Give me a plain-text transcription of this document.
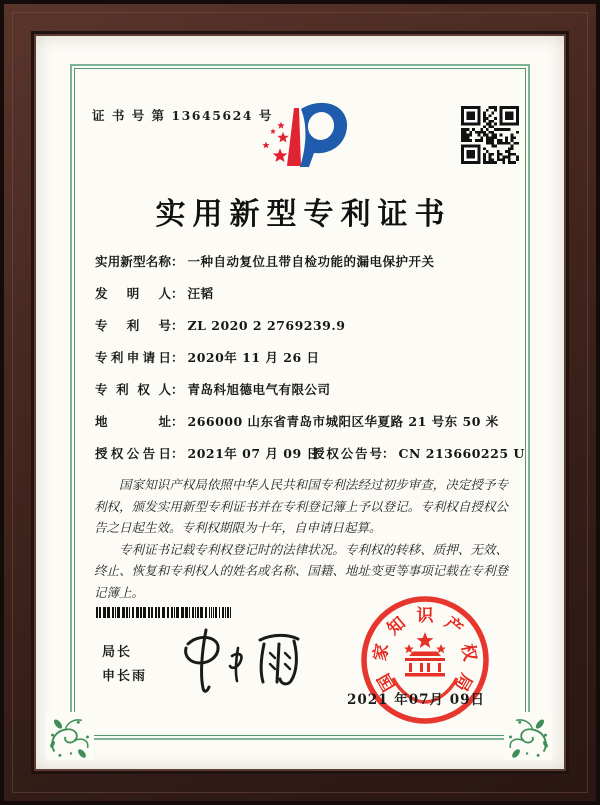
证 书 号 第 13645624 号
实用新型专利证书
实用新型名称： 一种自动复位且带自检功能的漏电保护开关
发明人： 汪韬
专利号： ZL 2020 2 2769239.9
专利申请日： 2020年 11 月 26 日
专利权人： 青岛科旭德电气有限公司
地址： 266000 山东省青岛市城阳区华夏路 21 号东 50 米
授权公告日： 2021年 07 月 09 日
授权公告号： CN 213660225 U

国家知识产权局依照中华人民共和国专利法经过初步审查，决定授予专利权，颁发实用新型专利证书并在专利登记簿上予以登记。专利权自授权公告之日起生效。专利权期限为十年，自申请日起算。

专利证书记载专利权登记时的法律状况。专利权的转移、质押、无效、终止、恢复和专利权人的姓名或名称、国籍、地址变更等事项记载在专利登记簿上。

局长
申长雨	国
家
知 识 产
权
局
2021 年07月 09日
